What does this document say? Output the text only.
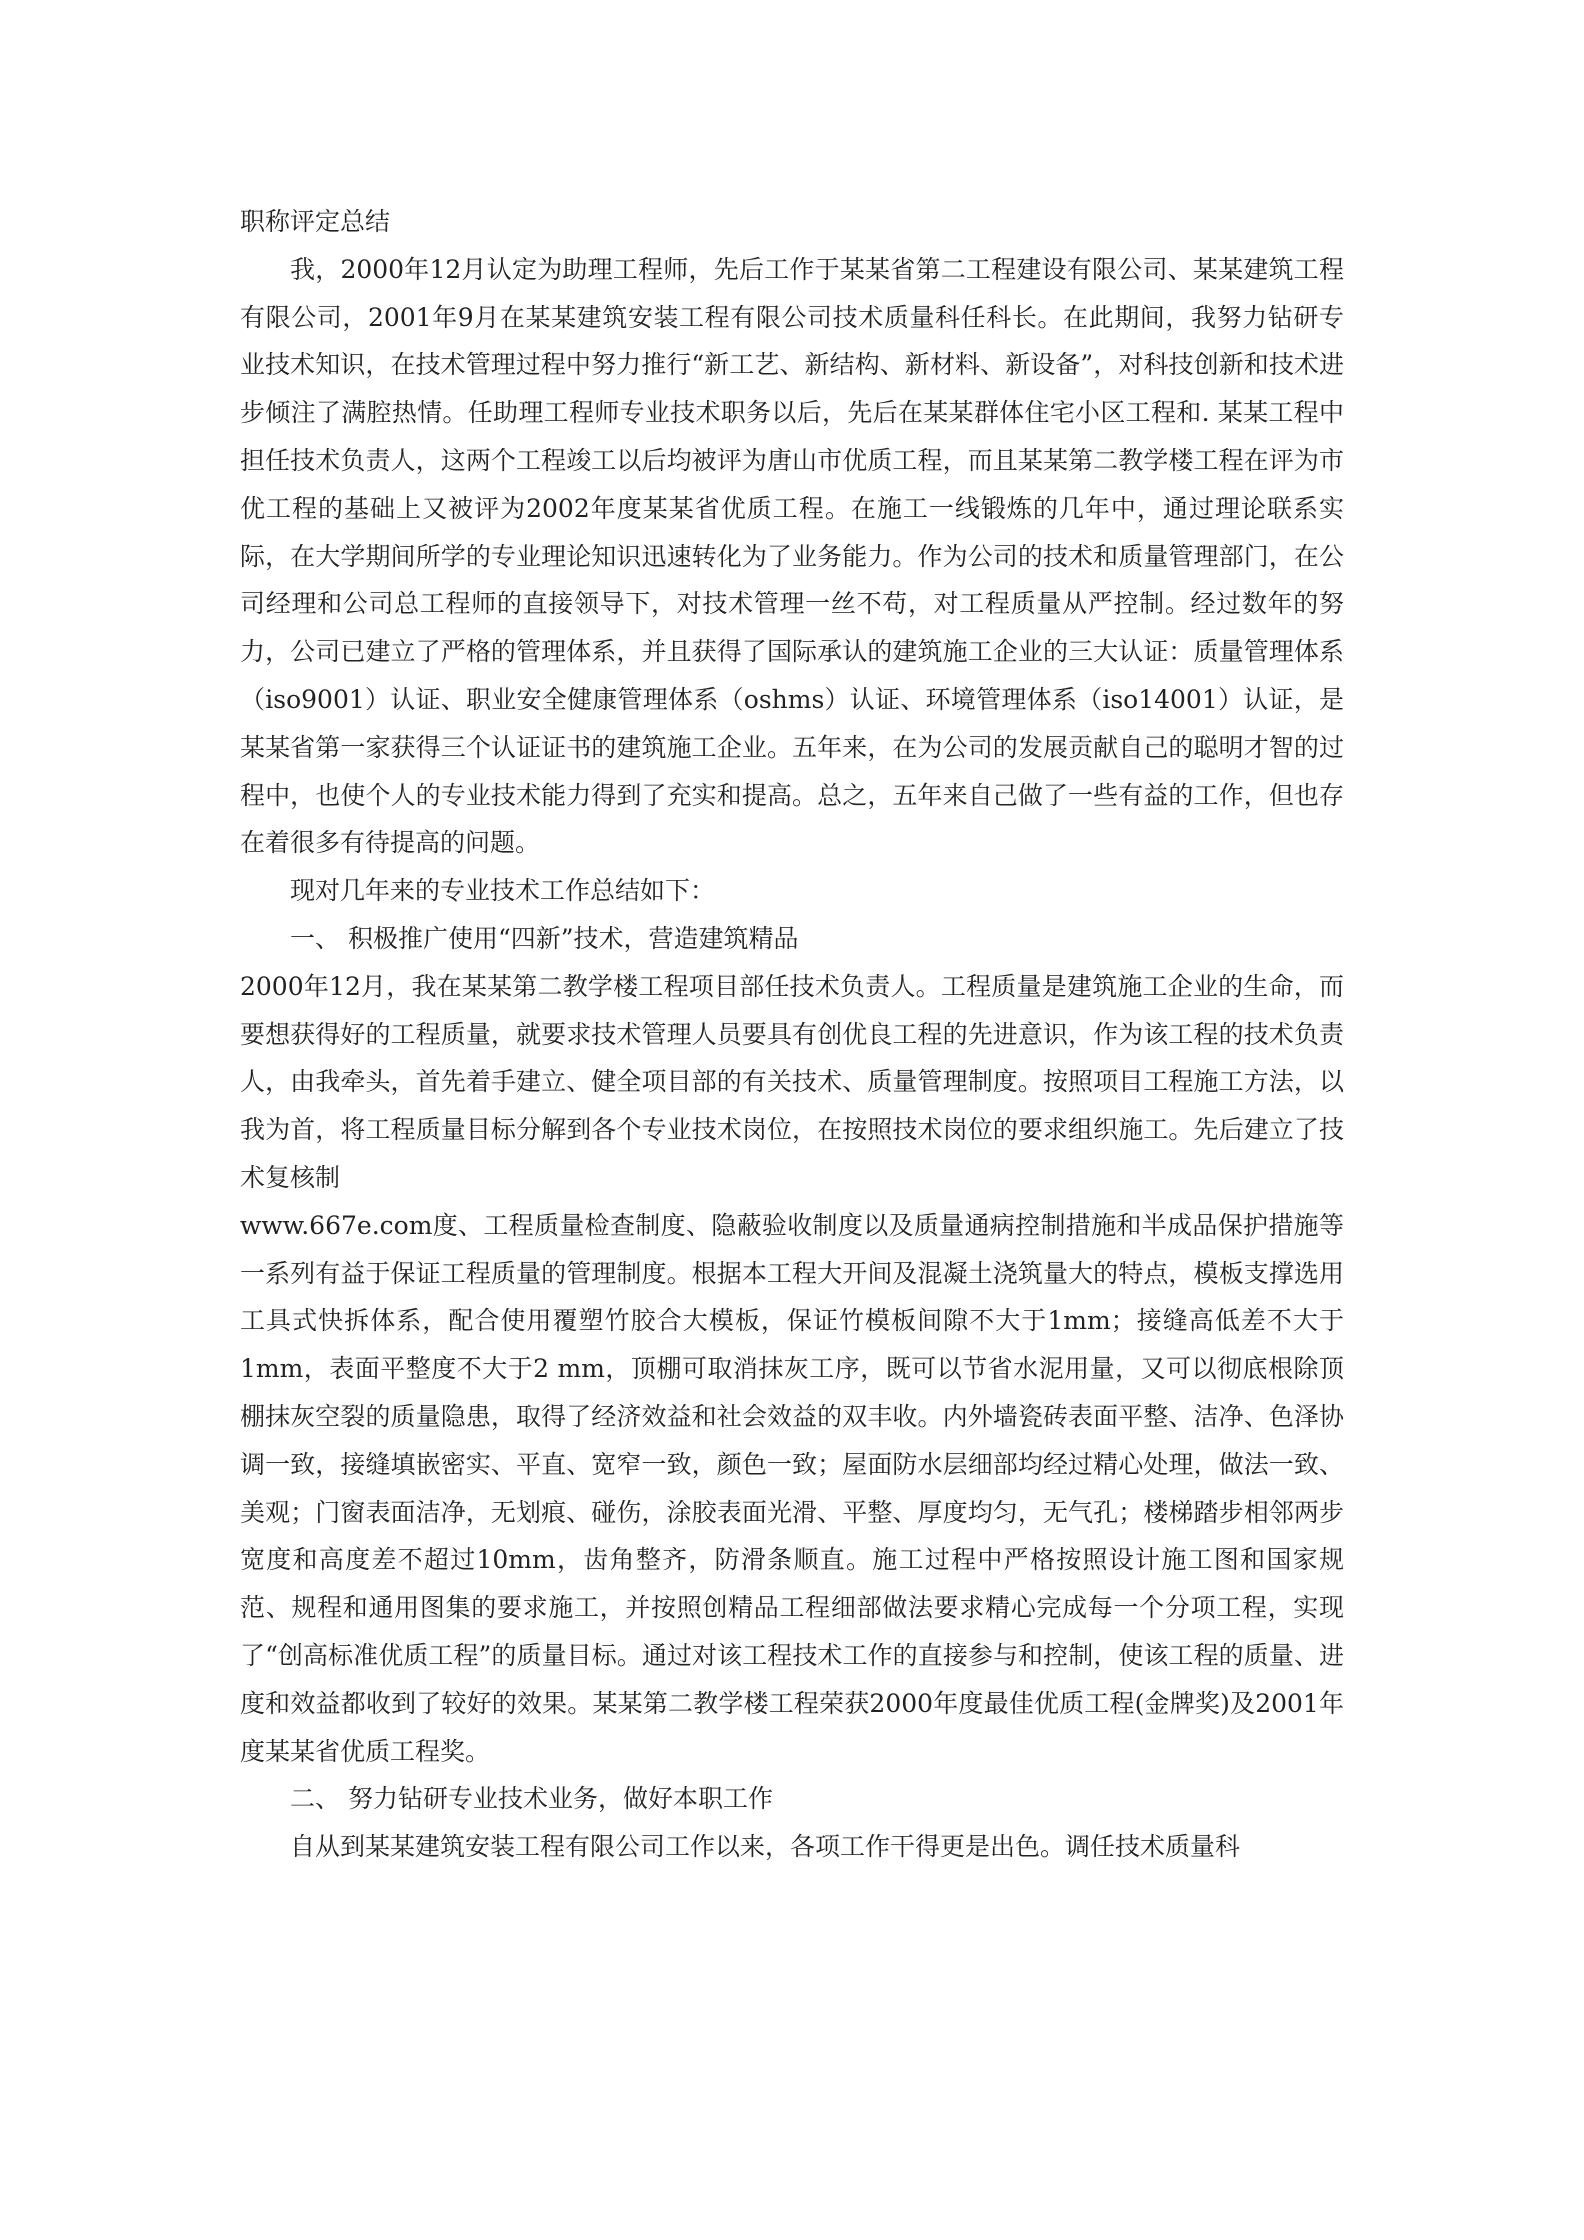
职称评定总结

我，2000年12月认定为助理工程师，先后工作于某某省第二工程建设有限公司、某某建筑工程有限公司，2001年9月在某某建筑安装工程有限公司技术质量科任科长。在此期间，我努力钻研专业技术知识，在技术管理过程中努力推行“新工艺、新结构、新材料、新设备”，对科技创新和技术进步倾注了满腔热情。任助理工程师专业技术职务以后，先后在某某群体住宅小区工程和. 某某工程中担任技术负责人，这两个工程竣工以后均被评为唐山市优质工程，而且某某第二教学楼工程在评为市优工程的基础上又被评为2002年度某某省优质工程。在施工一线锻炼的几年中，通过理论联系实际，在大学期间所学的专业理论知识迅速转化为了业务能力。作为公司的技术和质量管理部门，在公司经理和公司总工程师的直接领导下，对技术管理一丝不苟，对工程质量从严控制。经过数年的努力，公司已建立了严格的管理体系，并且获得了国际承认的建筑施工企业的三大认证：质量管理体系（iso9001）认证、职业安全健康管理体系（oshms）认证、环境管理体系（iso14001）认证，是某某省第一家获得三个认证证书的建筑施工企业。五年来，在为公司的发展贡献自己的聪明才智的过程中，也使个人的专业技术能力得到了充实和提高。总之，五年来自己做了一些有益的工作，但也存在着很多有待提高的问题。

现对几年来的专业技术工作总结如下：

一、 积极推广使用“四新”技术，营造建筑精品

2000年12月，我在某某第二教学楼工程项目部任技术负责人。工程质量是建筑施工企业的生命，而要想获得好的工程质量，就要求技术管理人员要具有创优良工程的先进意识，作为该工程的技术负责人，由我牵头，首先着手建立、健全项目部的有关技术、质量管理制度。按照项目工程施工方法，以我为首，将工程质量目标分解到各个专业技术岗位，在按照技术岗位的要求组织施工。先后建立了技术复核制

www.667e.com度、工程质量检查制度、隐蔽验收制度以及质量通病控制措施和半成品保护措施等一系列有益于保证工程质量的管理制度。根据本工程大开间及混凝土浇筑量大的特点，模板支撑选用工具式快拆体系，配合使用覆塑竹胶合大模板，保证竹模板间隙不大于1mm；接缝高低差不大于1mm，表面平整度不大于2 mm，顶棚可取消抹灰工序，既可以节省水泥用量，又可以彻底根除顶棚抹灰空裂的质量隐患，取得了经济效益和社会效益的双丰收。内外墙瓷砖表面平整、洁净、色泽协调一致，接缝填嵌密实、平直、宽窄一致，颜色一致；屋面防水层细部均经过精心处理，做法一致、美观；门窗表面洁净，无划痕、碰伤，涂胶表面光滑、平整、厚度均匀，无气孔；楼梯踏步相邻两步宽度和高度差不超过10mm，齿角整齐，防滑条顺直。施工过程中严格按照设计施工图和国家规范、规程和通用图集的要求施工，并按照创精品工程细部做法要求精心完成每一个分项工程，实现了“创高标准优质工程”的质量目标。通过对该工程技术工作的直接参与和控制，使该工程的质量、进度和效益都收到了较好的效果。某某第二教学楼工程荣获2000年度最佳优质工程(金牌奖)及2001年度某某省优质工程奖。

二、 努力钻研专业技术业务，做好本职工作

自从到某某建筑安装工程有限公司工作以来，各项工作干得更是出色。调任技术质量科
